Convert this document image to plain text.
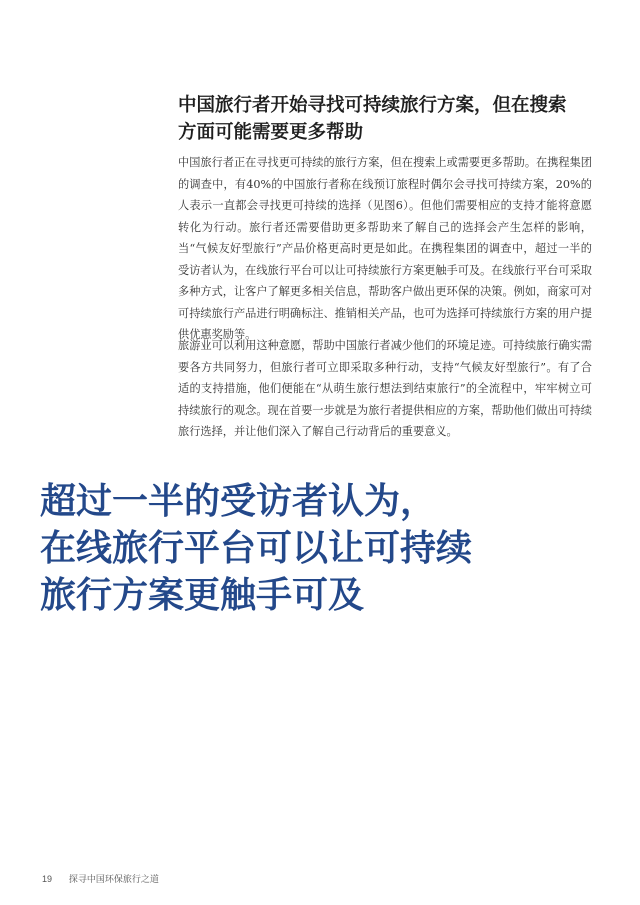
中国旅行者开始寻找可持续旅行方案，但在搜索
方面可能需要更多帮助

中国旅行者正在寻找更可持续的旅行方案，但在搜索上或需要更多帮助。在携程集团的调查中，有40%的中国旅行者称在线预订旅程时偶尔会寻找可持续方案，20%的人表示一直都会寻找更可持续的选择（见图6）。但他们需要相应的支持才能将意愿转化为行动。旅行者还需要借助更多帮助来了解自己的选择会产生怎样的影响，当“气候友好型旅行”产品价格更高时更是如此。在携程集团的调查中，超过一半的受访者认为，在线旅行平台可以让可持续旅行方案更触手可及。在线旅行平台可采取多种方式，让客户了解更多相关信息，帮助客户做出更环保的决策。例如，商家可对可持续旅行产品进行明确标注、推销相关产品，也可为选择可持续旅行方案的用户提供优惠奖励等。

旅游业可以利用这种意愿，帮助中国旅行者减少他们的环境足迹。可持续旅行确实需要各方共同努力，但旅行者可立即采取多种行动，支持“气候友好型旅行”。有了合适的支持措施，他们便能在“从萌生旅行想法到结束旅行”的全流程中，牢牢树立可持续旅行的观念。现在首要一步就是为旅行者提供相应的方案，帮助他们做出可持续旅行选择，并让他们深入了解自己行动背后的重要意义。

超过一半的受访者认为，
在线旅行平台可以让可持续
旅行方案更触手可及
19 探寻中国环保旅行之道
